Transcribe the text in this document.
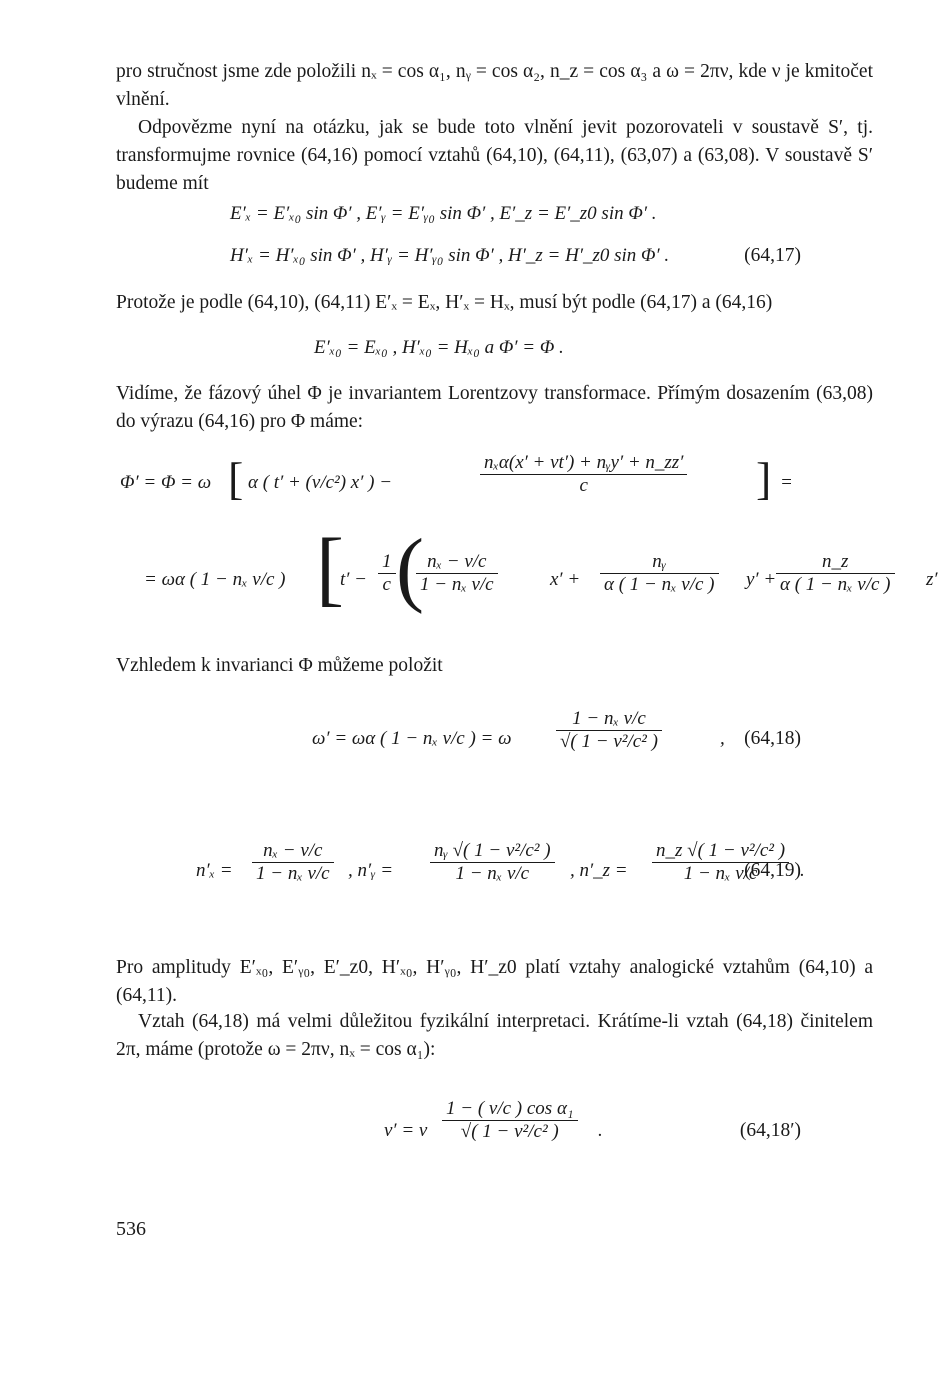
pro stručnost jsme zde položili nₓ = cos α₁, nᵧ = cos α₂, n_z = cos α₃ a ω = 2πν, kde ν je kmitočet vlnění.

Odpovězme nyní na otázku, jak se bude toto vlnění jevit pozorovateli v soustavě S′, tj. transformujme rovnice (64,16) pomocí vztahů (64,10), (64,11), (63,07) a (63,08). V soustavě S′ budeme mít

E′ₓ = E′ₓ₀ sin Φ′ , E′ᵧ = E′ᵧ₀ sin Φ′ , E′_z = E′_z0 sin Φ′ .
H′ₓ = H′ₓ₀ sin Φ′ , H′ᵧ = H′ᵧ₀ sin Φ′ , H′_z = H′_z0 sin Φ′ .	(64,17)

Protože je podle (64,10), (64,11) E′ₓ = Eₓ, H′ₓ = Hₓ, musí být podle (64,17) a (64,16)

E′ₓ₀ = Eₓ₀ , H′ₓ₀ = Hₓ₀ a Φ′ = Φ .

Vidíme, že fázový úhel Φ je invariantem Lorentzovy transformace. Přímým dosazením (63,08) do výrazu (64,16) pro Φ máme:

Φ′ = Φ = ω [ α ( t′ + (v/c²) x′ ) −	$\frac{\text{nₓα(x′ + vt′) + nᵧy′ + n\_zz′}}{c}$ ] =
= ωα ( 1 − nₓ v/c ) [
$t' - \frac{1}{c}$ (
$\frac{\text{nₓ − v/c}}{\text{1 − nₓ v/c}}$	$x' + \frac{\text{nᵧ}}{\text{α ( 1 − nₓ v/c )}} y' + \frac{n\_z}{\text{α ( 1 − nₓ v/c )}} z'$

Vzhledem k invarianci Φ můžeme položit

ω′ = ωα ( 1 − nₓ v/c ) = ω $\frac{\text{1 − nₓ v/c}}{\text{√( 1 − v²/c² )}}$	, (64,18)
$n'_x = \frac{\text{nₓ − v/c}}{\text{1 − nₓ v/c}}$ , n′ᵧ = $\frac{\text{nᵧ √( 1 − v²/c² )}}{\text{1 − nₓ v/c}}$ , n′_z = $\frac{\text{n\_z √( 1 − v²/c² )}}{\text{1 − nₓ v/c}}$ .
(64,19)

Pro amplitudy E′ₓ₀, E′ᵧ₀, E′_z0, H′ₓ₀, H′ᵧ₀, H′_z0 platí vztahy analogické vztahům (64,10) a (64,11).

Vztah (64,18) má velmi důležitou fyzikální interpretaci. Krátíme-li vztah (64,18) činitelem 2π, máme (protože ω = 2πν, nₓ = cos α₁):

ν′ = ν $\frac{\text{1 − ( v/c ) cos α₁}}{\text{√( 1 − v²/c² )}}$ .	(64,18′)
536
